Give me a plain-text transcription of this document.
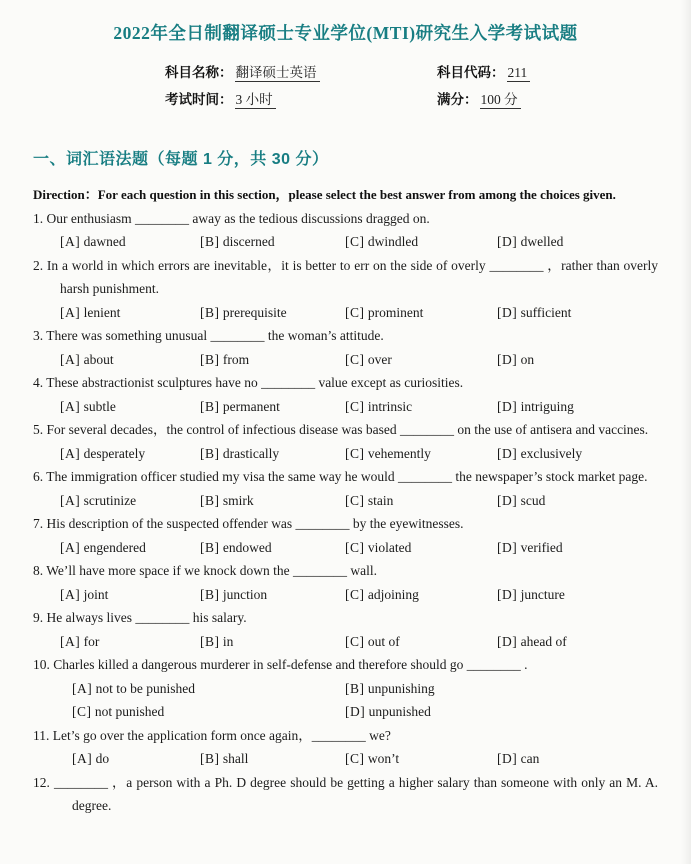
2022年全日制翻译硕士专业学位(MTI)研究生入学考试试题
科目名称： 翻译硕士英语	科目代码： 211
考试时间： 3 小时	满分： 100 分
一、词汇语法题（每题 1 分，共 30 分）

Direction：For each question in this section，please select the best answer from among the choices given.

1. Our enthusiasm ________ away as the tedious discussions dragged on.

[A] dawned	[B] discerned	[C] dwindled	[D] dwelled

2. In a world in which errors are inevitable，it is better to err on the side of overly ________ ，rather than overly harsh punishment.

[A] lenient	[B] prerequisite	[C] prominent	[D] sufficient

3. There was something unusual ________ the woman’s attitude.

[A] about	[B] from	[C] over	[D] on

4. These abstractionist sculptures have no ________ value except as curiosities.

[A] subtle	[B] permanent	[C] intrinsic	[D] intriguing

5. For several decades，the control of infectious disease was based ________ on the use of antisera and vaccines.

[A] desperately	[B] drastically	[C] vehemently	[D] exclusively

6. The immigration officer studied my visa the same way he would ________ the newspaper’s stock market page.

[A] scrutinize	[B] smirk	[C] stain	[D] scud

7. His description of the suspected offender was ________ by the eyewitnesses.

[A] engendered	[B] endowed	[C] violated	[D] verified

8. We’ll have more space if we knock down the ________ wall.

[A] joint	[B] junction	[C] adjoining	[D] juncture

9. He always lives ________ his salary.

[A] for	[B] in	[C] out of	[D] ahead of

10. Charles killed a dangerous murderer in self-defense and therefore should go ________ .

[A] not to be punished	[B] unpunishing
[C] not punished	[D] unpunished

11. Let’s go over the application form once again，________ we?

[A] do	[B] shall	[C] won’t	[D] can

12. ________ ，a person with a Ph. D degree should be getting a higher salary than someone with only an M. A. degree.
